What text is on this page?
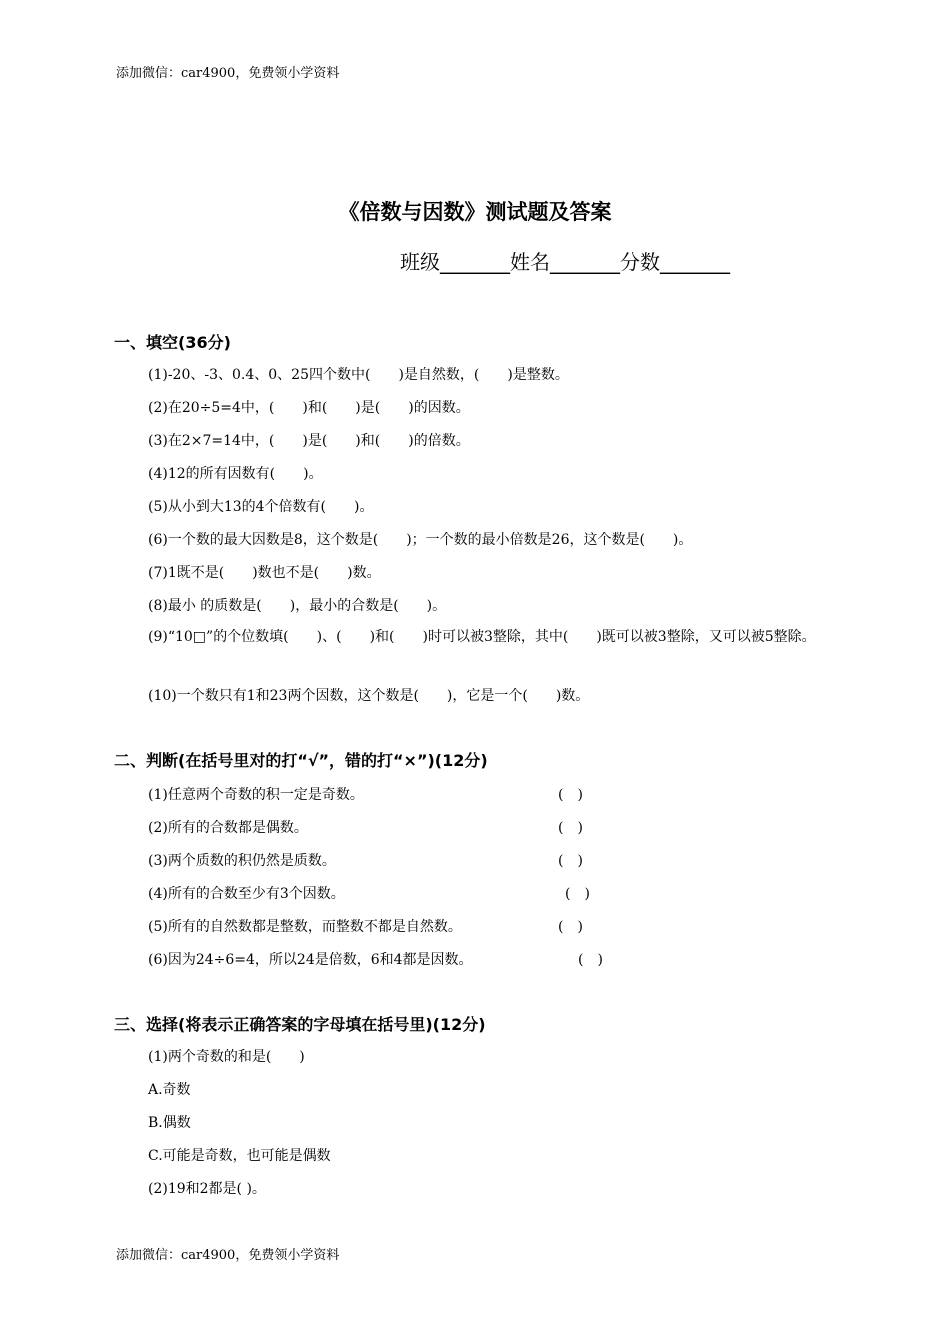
添加微信：car4900，免费领小学资料
《倍数与因数》测试题及答案
班级_______姓名_______分数_______
一、填空(36分)
(1)-20、-3、0.4、0、25四个数中(　　)是自然数，(　　)是整数。
(2)在20÷5=4中，(　　)和(　　)是(　　)的因数。
(3)在2×7=14中，(　　)是(　　)和(　　)的倍数。
(4)12的所有因数有(　　)。
(5)从小到大13的4个倍数有(　　)。
(6)一个数的最大因数是8，这个数是(　　)；一个数的最小倍数是26，这个数是(　　)。
(7)1既不是(　　)数也不是(　　)数。
(8)最小 的质数是(　　)，最小的合数是(　　)。
(9)“10□”的个位数填(　　)、(　　)和(　　)时可以被3整除，其中(　　)既可以被3整除，又可以被5整除。
(10)一个数只有1和23两个因数，这个数是(　　)，它是一个(　　)数。
二、判断(在括号里对的打“√”，错的打“×”)(12分)
(1)任意两个奇数的积一定是奇数。	(　)
(2)所有的合数都是偶数。	(　)
(3)两个质数的积仍然是质数。	(　)
(4)所有的合数至少有3个因数。	(　)
(5)所有的自然数都是整数，而整数不都是自然数。	(　)
(6)因为24÷6=4，所以24是倍数，6和4都是因数。	(　)
三、选择(将表示正确答案的字母填在括号里)(12分)
(1)两个奇数的和是(　　)
A.奇数
B.偶数
C.可能是奇数，也可能是偶数
(2)19和2都是( )。
添加微信：car4900，免费领小学资料
